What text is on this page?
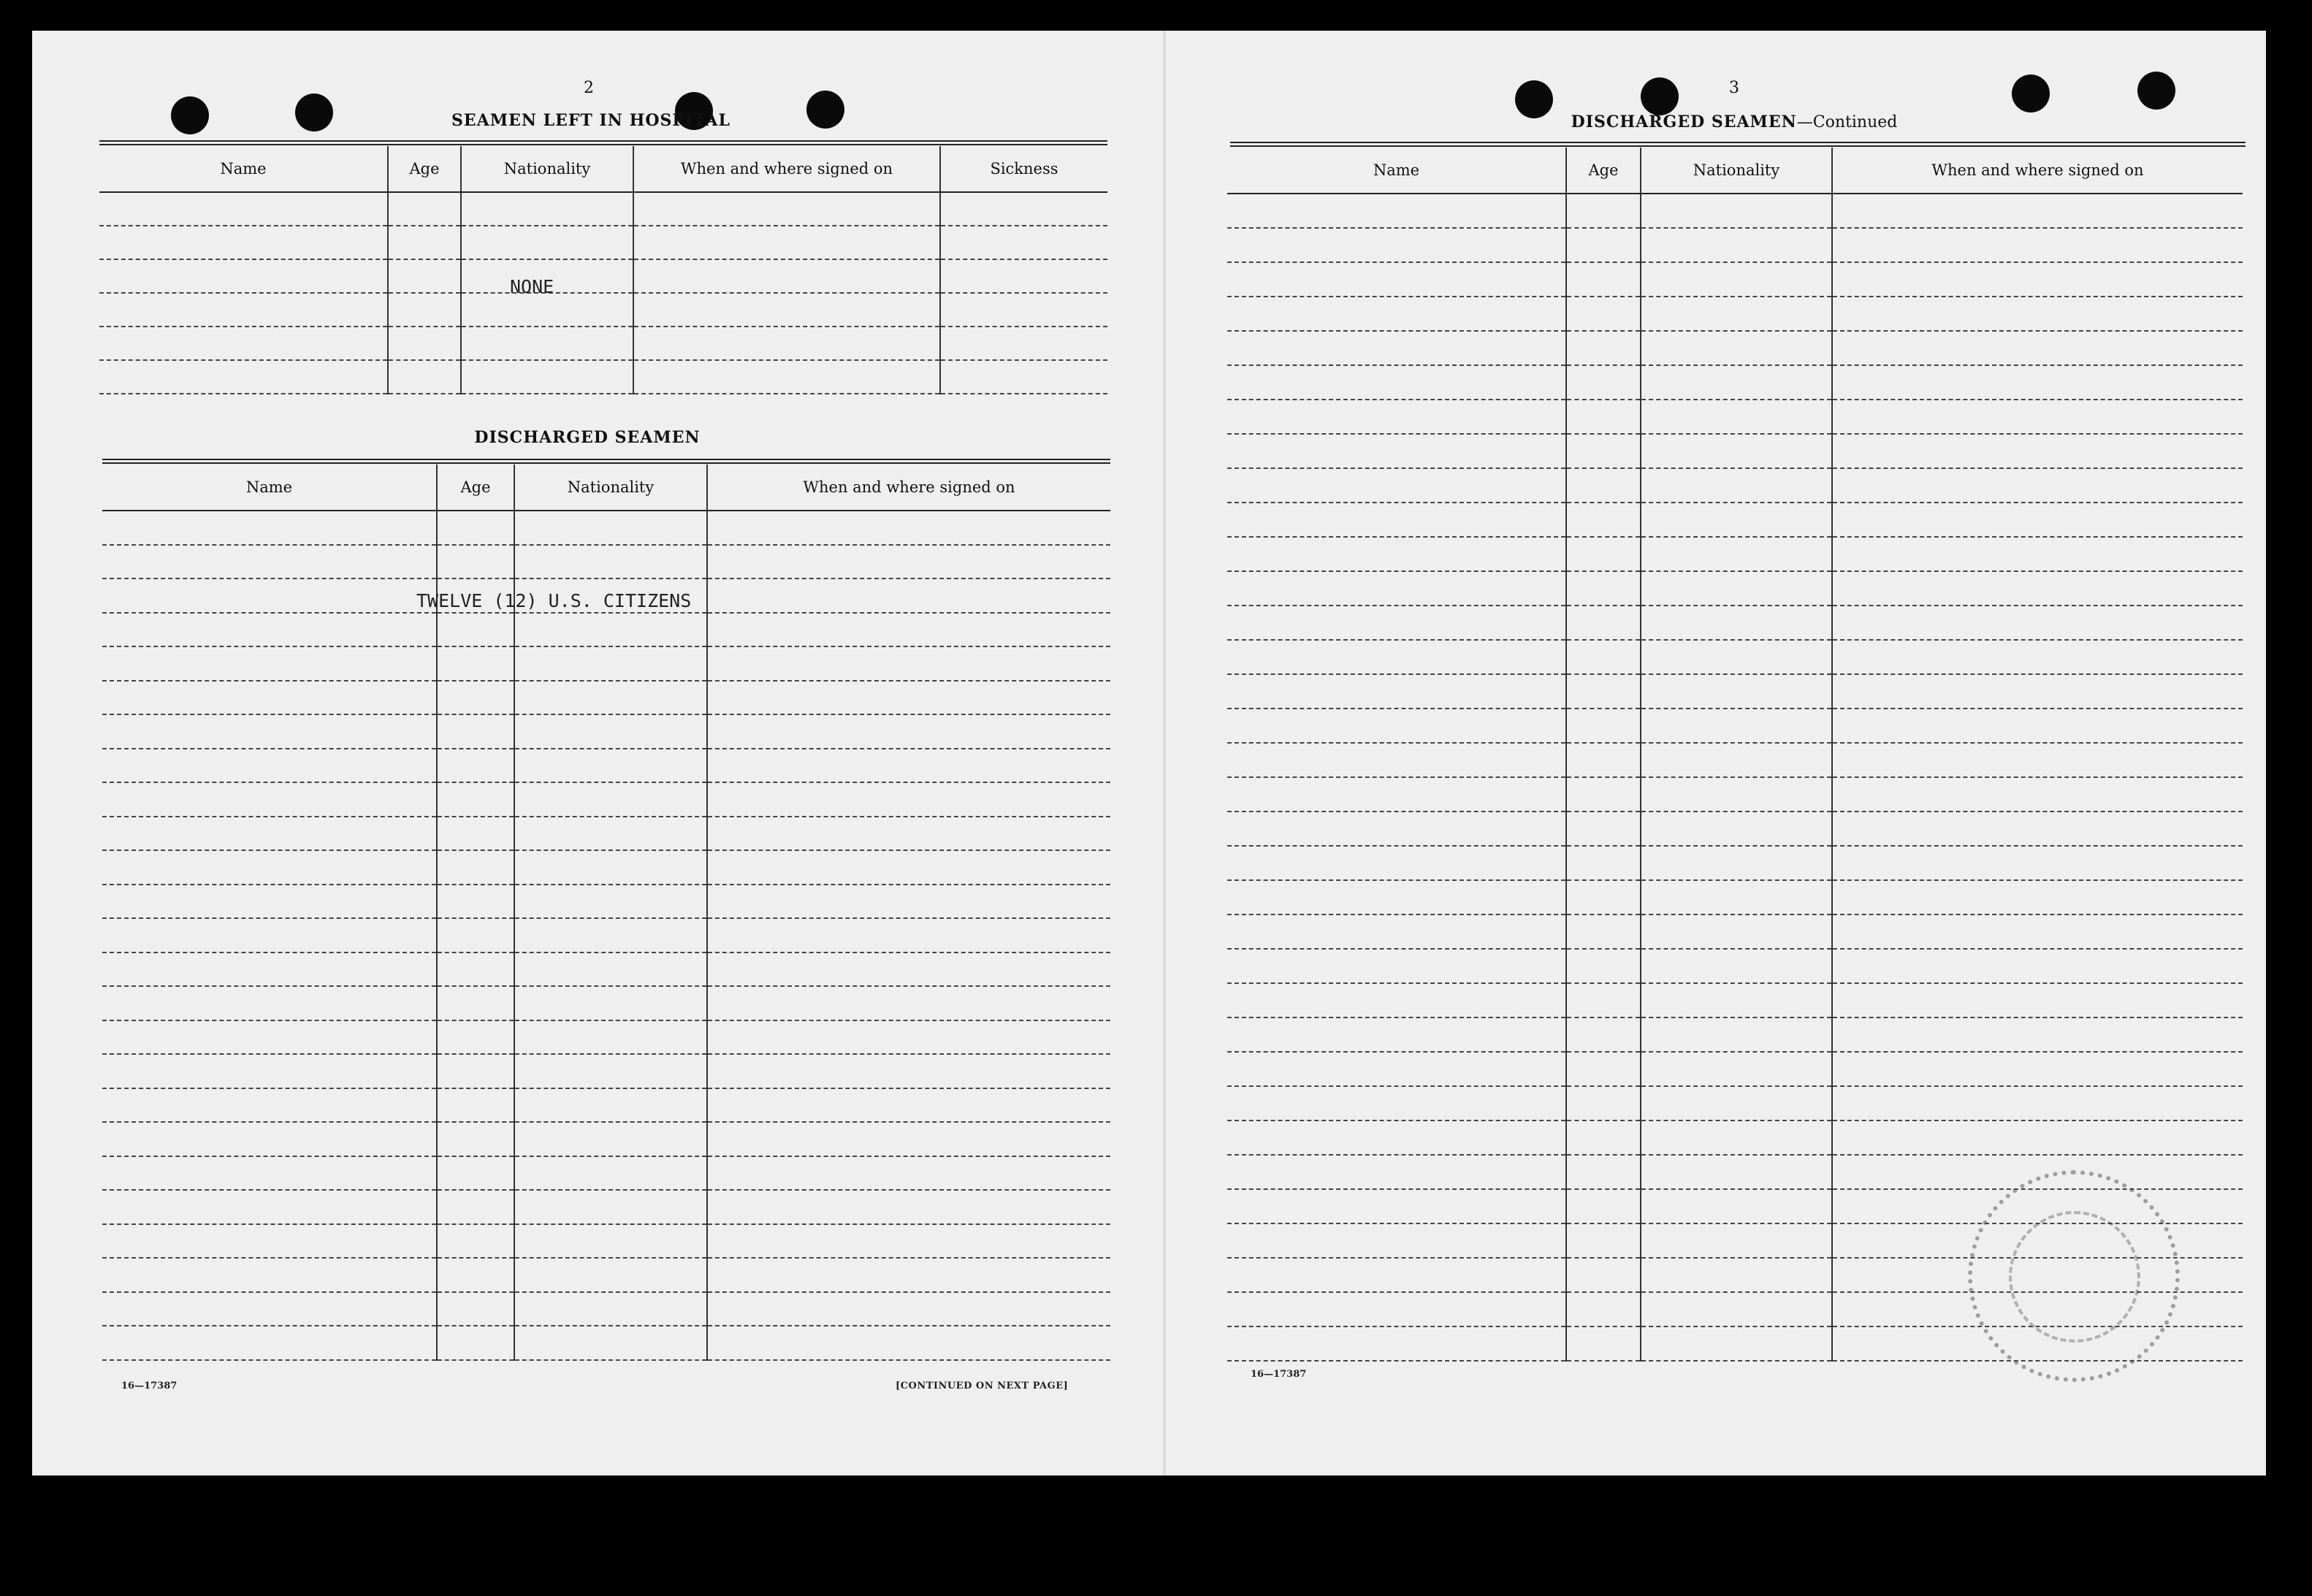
2
SEAMEN LEFT IN HOSPITAL
Name	Age	Nationality	When and where signed on	Sickness

NONE
DISCHARGED SEAMEN
Name	Age	Nationality	When and where signed on

TWELVE (12) U.S. CITIZENS
16—17387	[CONTINUED ON NEXT PAGE]
3
DISCHARGED SEAMEN—Continued
Name	Age	Nationality	When and where signed on

16—17387
